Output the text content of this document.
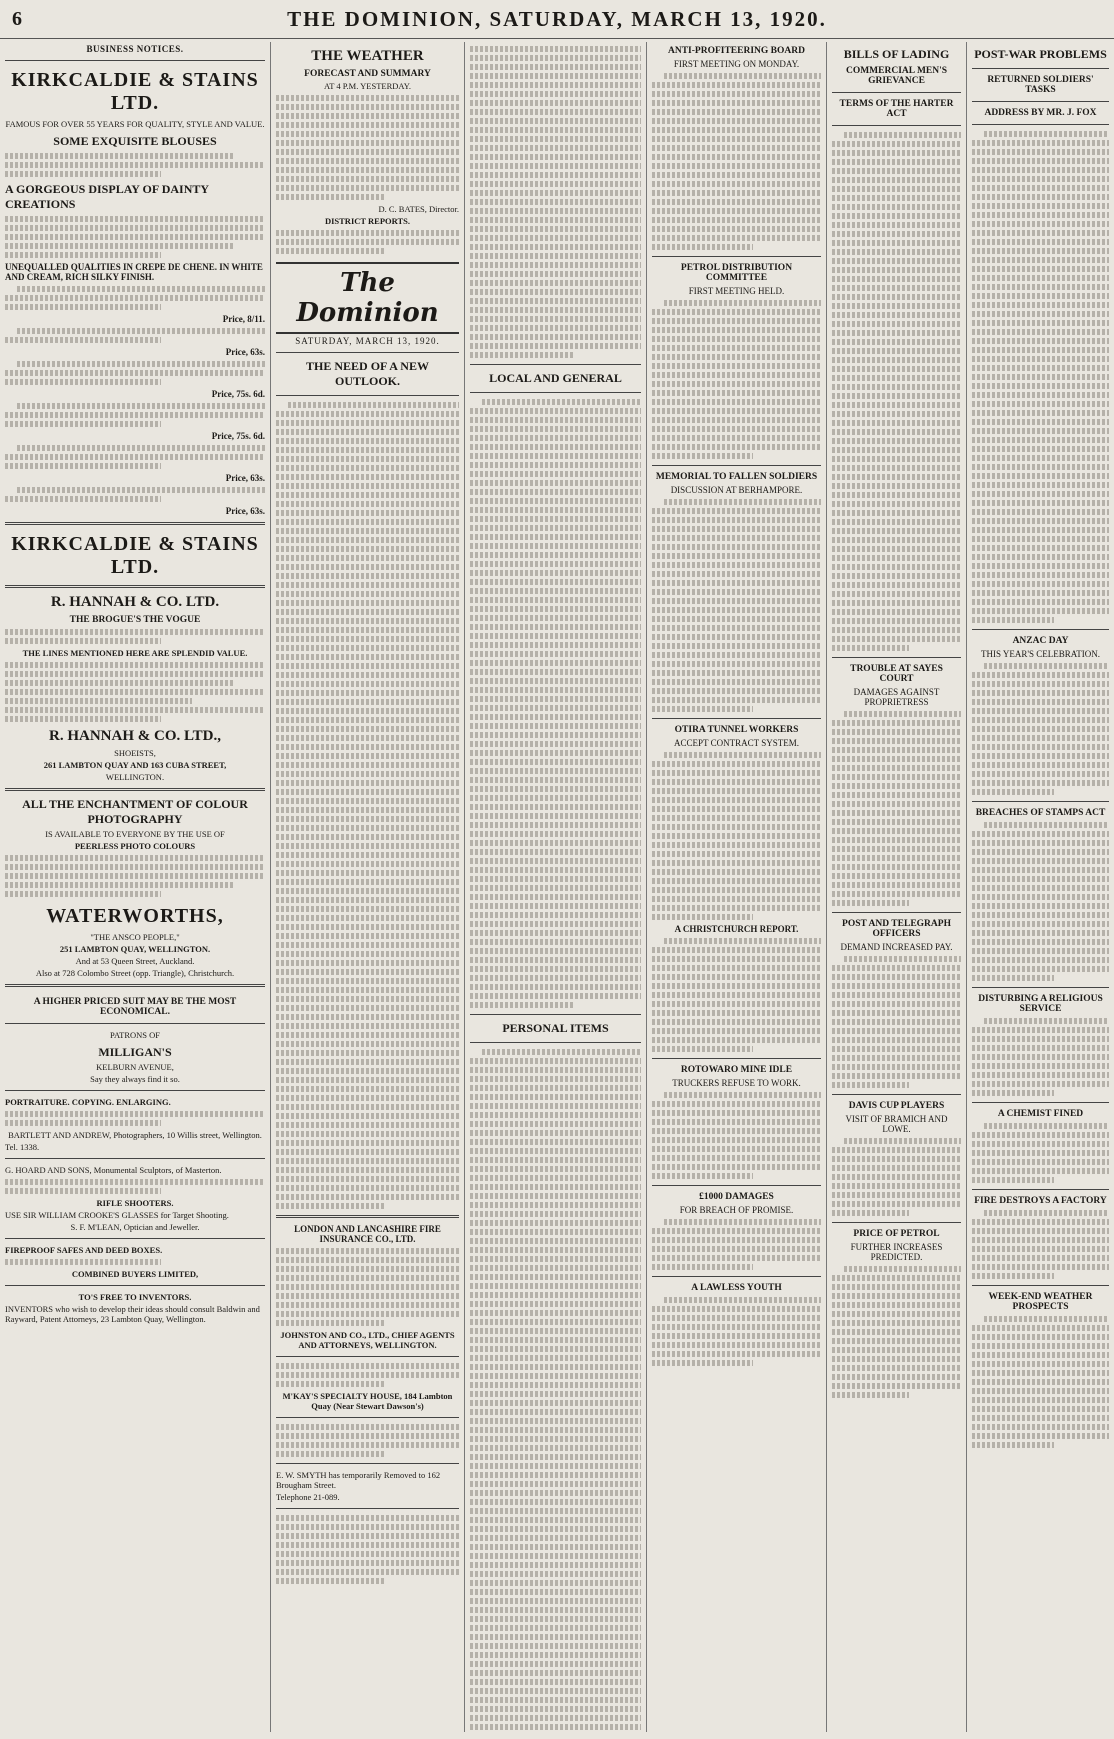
6	THE DOMINION, SATURDAY, MARCH 13, 1920.
BUSINESS NOTICES.
KIRKCALDIE & STAINS LTD.
FAMOUS FOR OVER 55 YEARS FOR QUALITY, STYLE AND VALUE.
SOME EXQUISITE BLOUSES
A GORGEOUS DISPLAY OF DAINTY CREATIONS
UNEQUALLED QUALITIES IN CREPE DE CHENE. IN WHITE AND CREAM, RICH SILKY FINISH.
Price, 8/11.
Price, 63s.
Price, 75s. 6d.
Price, 75s. 6d.
Price, 63s.
Price, 63s.
KIRKCALDIE & STAINS LTD.
R. HANNAH & CO. LTD.
THE BROGUE'S THE VOGUE
THE LINES MENTIONED HERE ARE SPLENDID VALUE.
R. HANNAH & CO. LTD.,
SHOEISTS,
261 LAMBTON QUAY AND 163 CUBA STREET,
WELLINGTON.
ALL THE ENCHANTMENT OF COLOUR PHOTOGRAPHY
IS AVAILABLE TO EVERYONE BY THE USE OF
PEERLESS PHOTO COLOURS
WATERWORTHS,
"THE ANSCO PEOPLE,"
251 LAMBTON QUAY, WELLINGTON.
And at 53 Queen Street, Auckland.
Also at 728 Colombo Street (opp. Triangle), Christchurch.
A HIGHER PRICED SUIT MAY BE THE MOST ECONOMICAL.
PATRONS OF
MILLIGAN'S
KELBURN AVENUE,
Say they always find it so.
PORTRAITURE. COPYING. ENLARGING.
BARTLETT AND ANDREW, Photographers, 10 Willis street, Wellington.
Tel. 1338.
G. HOARD AND SONS, Monumental Sculptors, of Masterton.
RIFLE SHOOTERS.
USE SIR WILLIAM CROOKE'S GLASSES for Target Shooting.
S. F. M'LEAN, Optician and Jeweller.
FIREPROOF SAFES AND DEED BOXES.
COMBINED BUYERS LIMITED,
TO'S FREE TO INVENTORS.
INVENTORS who wish to develop their ideas should consult Baldwin and Rayward, Patent Attorneys, 23 Lambton Quay, Wellington.
THE WEATHER
FORECAST AND SUMMARY
AT 4 P.M. YESTERDAY.
D. C. BATES, Director.
DISTRICT REPORTS.
The Dominion
SATURDAY, MARCH 13, 1920.
THE NEED OF A NEW OUTLOOK.
LONDON AND LANCASHIRE FIRE INSURANCE CO., LTD.
JOHNSTON AND CO., LTD., CHIEF AGENTS AND ATTORNEYS, WELLINGTON.
M'KAY'S SPECIALTY HOUSE, 184 Lambton Quay (Near Stewart Dawson's)
E. W. SMYTH has temporarily Removed to 162 Brougham Street.
Telephone 21-089.
LOCAL AND GENERAL
PERSONAL ITEMS
ANTI-PROFITEERING BOARD
FIRST MEETING ON MONDAY.
PETROL DISTRIBUTION COMMITTEE
FIRST MEETING HELD.
MEMORIAL TO FALLEN SOLDIERS
DISCUSSION AT BERHAMPORE.
OTIRA TUNNEL WORKERS
ACCEPT CONTRACT SYSTEM.
A CHRISTCHURCH REPORT.
ROTOWARO MINE IDLE
TRUCKERS REFUSE TO WORK.
£1000 DAMAGES
FOR BREACH OF PROMISE.
A LAWLESS YOUTH
BILLS OF LADING
COMMERCIAL MEN'S GRIEVANCE
TERMS OF THE HARTER ACT
TROUBLE AT SAYES COURT
DAMAGES AGAINST PROPRIETRESS
POST AND TELEGRAPH OFFICERS
DEMAND INCREASED PAY.
DAVIS CUP PLAYERS
VISIT OF BRAMICH AND LOWE.
PRICE OF PETROL
FURTHER INCREASES PREDICTED.
POST-WAR PROBLEMS
RETURNED SOLDIERS' TASKS
ADDRESS BY MR. J. FOX
ANZAC DAY
THIS YEAR'S CELEBRATION.
BREACHES OF STAMPS ACT
DISTURBING A RELIGIOUS SERVICE
A CHEMIST FINED
FIRE DESTROYS A FACTORY
WEEK-END WEATHER PROSPECTS
